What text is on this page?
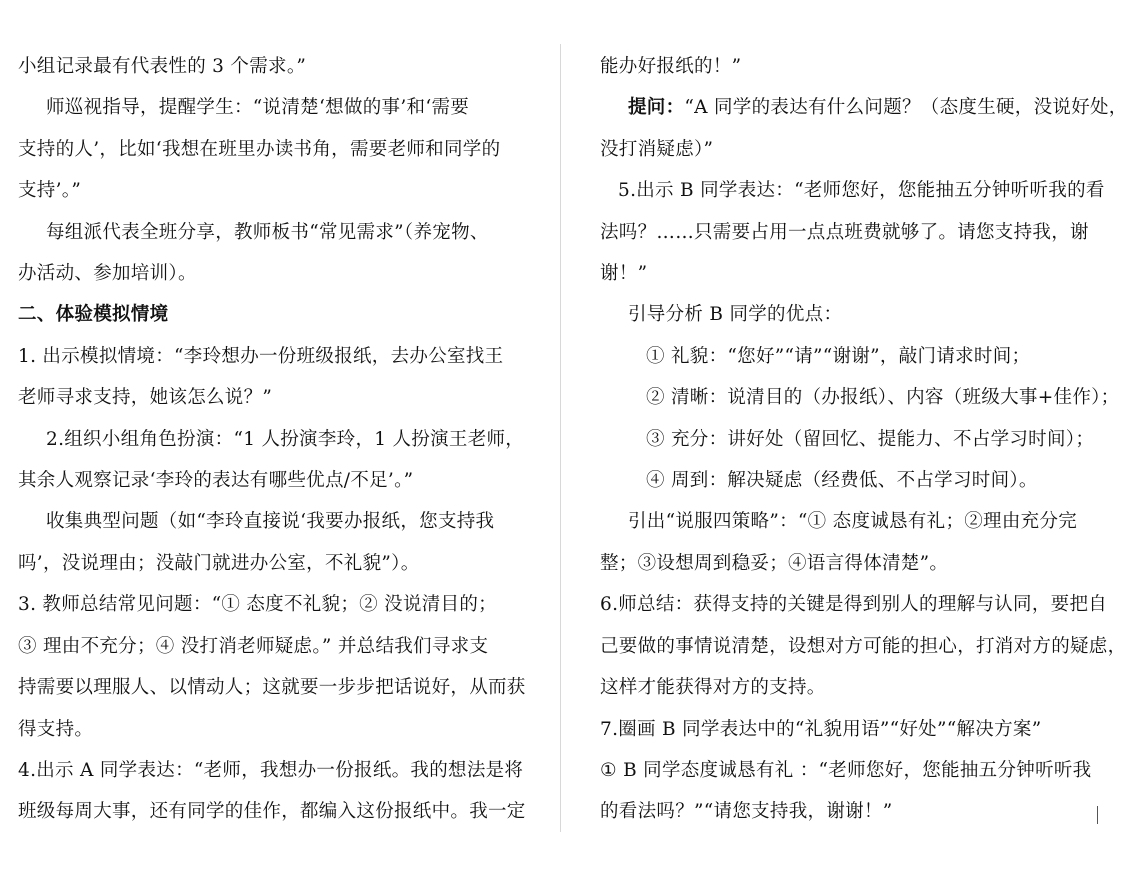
小组记录最有代表性的 3 个需求。”

师巡视指导，提醒学生：“说清楚‘想做的事’和‘需要

支持的人’，比如‘我想在班里办读书角，需要老师和同学的

支持’。”

每组派代表全班分享，教师板书“常见需求”（养宠物、

办活动、参加培训）。

二、体验模拟情境

1. 出示模拟情境：“李玲想办一份班级报纸，去办公室找王

老师寻求支持，她该怎么说？”

2.组织小组角色扮演：“1 人扮演李玲，1 人扮演王老师，

其余人观察记录‘李玲的表达有哪些优点/不足’。”

收集典型问题（如“李玲直接说‘我要办报纸，您支持我

吗’，没说理由；没敲门就进办公室，不礼貌”）。

3. 教师总结常见问题：“① 态度不礼貌；② 没说清目的；

③ 理由不充分；④ 没打消老师疑虑。” 并总结我们寻求支

持需要以理服人、以情动人；这就要一步步把话说好，从而获

得支持。

4.出示 A 同学表达：“老师，我想办一份报纸。我的想法是将

班级每周大事，还有同学的佳作，都编入这份报纸中。我一定

能办好报纸的！”

提问：“A 同学的表达有什么问题？（态度生硬，没说好处，

没打消疑虑）”

5.出示 B 同学表达：“老师您好，您能抽五分钟听听我的看

法吗？……只需要占用一点点班费就够了。请您支持我，谢

谢！”

引导分析 B 同学的优点：

① 礼貌：“您好”“请”“谢谢”，敲门请求时间；

② 清晰：说清目的（办报纸）、内容（班级大事+佳作）；

③ 充分：讲好处（留回忆、提能力、不占学习时间）；

④ 周到：解决疑虑（经费低、不占学习时间）。

引出“说服四策略”：“① 态度诚恳有礼；②理由充分完

整；③设想周到稳妥；④语言得体清楚”。

6.师总结：获得支持的关键是得到别人的理解与认同，要把自

己要做的事情说清楚，设想对方可能的担心，打消对方的疑虑，

这样才能获得对方的支持。

7.圈画 B 同学表达中的“礼貌用语”“好处”“解决方案”

① B 同学态度诚恳有礼 ：“老师您好，您能抽五分钟听听我

的看法吗？”“请您支持我，谢谢！”
